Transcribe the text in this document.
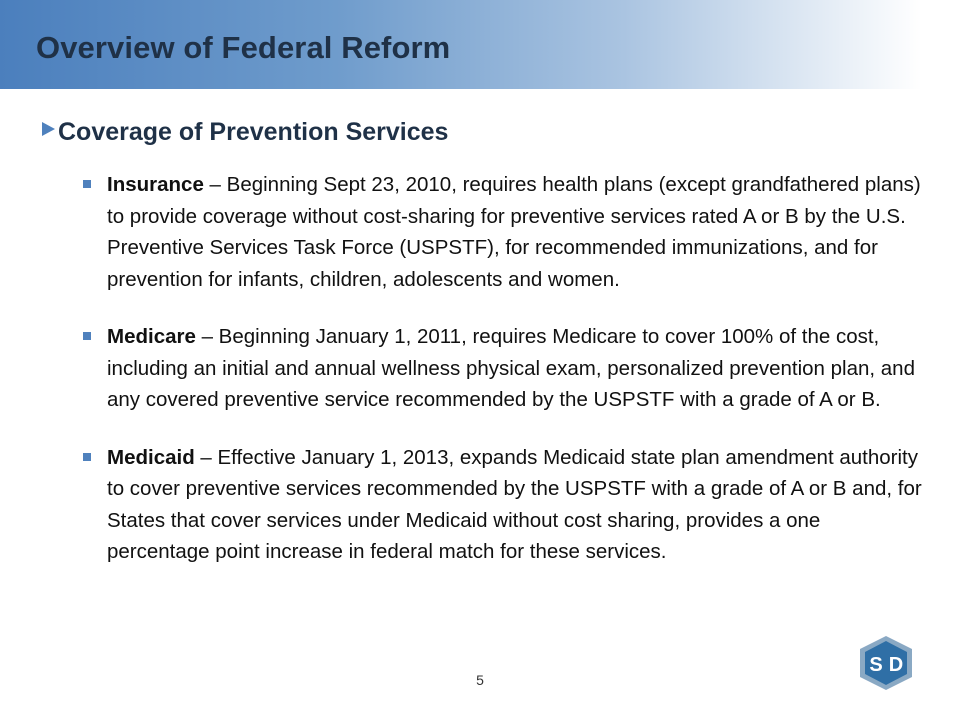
Overview of Federal Reform
Coverage of Prevention Services
Insurance – Beginning Sept 23, 2010, requires health plans (except grandfathered plans) to provide coverage without cost-sharing for preventive services rated A or B by the U.S. Preventive Services Task Force (USPSTF), for recommended immunizations, and for prevention for infants, children, adolescents and women.
Medicare – Beginning January 1, 2011, requires Medicare to cover 100% of the cost, including an initial and annual wellness physical exam, personalized prevention plan, and any covered preventive service recommended by the USPSTF with a grade of A or B.
Medicaid – Effective January 1, 2013, expands Medicaid state plan amendment authority to cover preventive services recommended by the USPSTF with a grade of A or B and, for States that cover services under Medicaid without cost sharing, provides a one percentage point increase in federal match for these services.
5
S D
